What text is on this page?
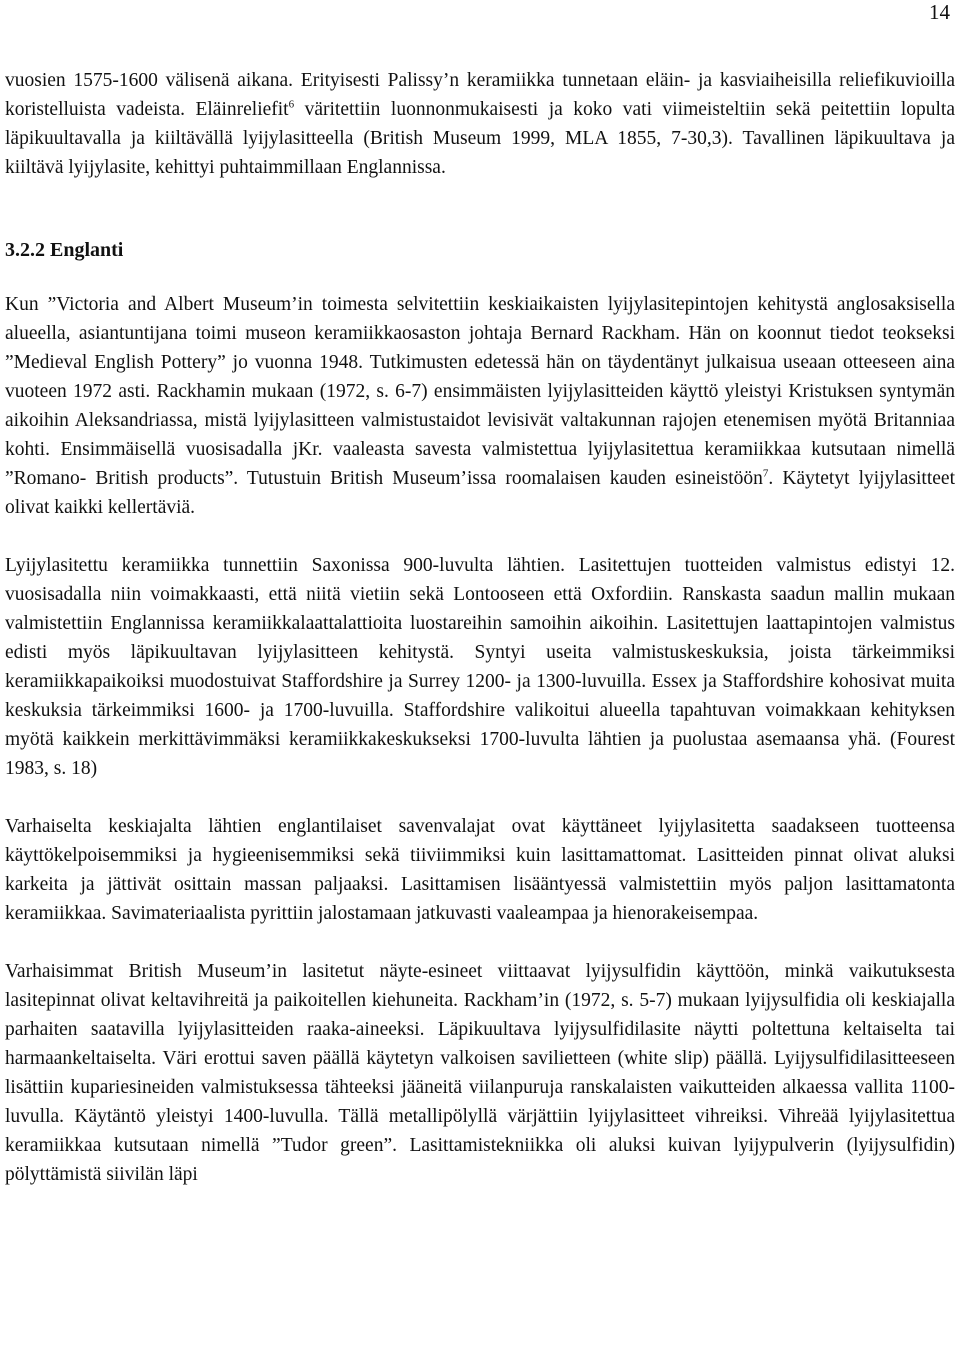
14

vuosien 1575-1600 välisenä aikana. Erityisesti Palissy’n keramiikka tunnetaan eläin- ja kasviaiheisilla reliefikuvioilla koristelluista vadeista. Eläinreliefit$^6$ väritettiin luonnonmukaisesti ja koko vati viimeisteltiin sekä peitettiin lopulta läpikuultavalla ja kiiltävällä lyijylasitteella (British Museum 1999, MLA 1855, 7-30,3). Tavallinen läpikuultava ja kiiltävä lyijylasite, kehittyi puhtaimmillaan Englannissa.

3.2.2 Englanti

Kun ”Victoria and Albert Museum’in toimesta selvitettiin keskiaikaisten lyijylasitepintojen kehitystä anglosaksisella alueella, asiantuntijana toimi museon keramiikkaosaston johtaja Bernard Rackham. Hän on koonnut tiedot teokseksi ”Medieval English Pottery” jo vuonna 1948. Tutkimusten edetessä hän on täydentänyt julkaisua useaan otteeseen aina vuoteen 1972 asti. Rackhamin mukaan (1972, s. 6-7) ensimmäisten lyijylasitteiden käyttö yleistyi Kristuksen syntymän aikoihin Aleksandriassa, mistä lyijylasitteen valmistustaidot levisivät valtakunnan rajojen etenemisen myötä Britanniaa kohti. Ensimmäisellä vuosisadalla jKr. vaaleasta savesta valmistettua lyijylasitettua keramiikkaa kutsutaan nimellä ”Romano- British products”. Tutustuin British Museum’issa roomalaisen kauden esineistöön$^7$. Käytetyt lyijylasitteet olivat kaikki kellertäviä.

Lyijylasitettu keramiikka tunnettiin Saxonissa 900-luvulta lähtien. Lasitettujen tuotteiden valmistus edistyi 12. vuosisadalla niin voimakkaasti, että niitä vietiin sekä Lontooseen että Oxfordiin. Ranskasta saadun mallin mukaan valmistettiin Englannissa keramiikkalaattalattioita luostareihin samoihin aikoihin. Lasitettujen laattapintojen valmistus edisti myös läpikuultavan lyijylasitteen kehitystä. Syntyi useita valmistuskeskuksia, joista tärkeimmiksi keramiikkapaikoiksi muodostuivat Staffordshire ja Surrey 1200- ja 1300-luvuilla. Essex ja Staffordshire kohosivat muita keskuksia tärkeimmiksi 1600- ja 1700-luvuilla. Staffordshire valikoitui alueella tapahtuvan voimakkaan kehityksen myötä kaikkein merkittävimmäksi keramiikkakeskukseksi 1700-luvulta lähtien ja puolustaa asemaansa yhä. (Fourest 1983, s. 18)

Varhaiselta keskiajalta lähtien englantilaiset savenvalajat ovat käyttäneet lyijylasitetta saadakseen tuotteensa käyttökelpoisemmiksi ja hygieenisemmiksi sekä tiiviimmiksi kuin lasittamattomat. Lasitteiden pinnat olivat aluksi karkeita ja jättivät osittain massan paljaaksi. Lasittamisen lisääntyessä valmistettiin myös paljon lasittamatonta keramiikkaa. Savimateriaalista pyrittiin jalostamaan jatkuvasti vaaleampaa ja hienorakeisempaa.

Varhaisimmat British Museum’in lasitetut näyte-esineet viittaavat lyijysulfidin käyttöön, minkä vaikutuksesta lasitepinnat olivat keltavihreitä ja paikoitellen kiehuneita. Rackham’in (1972, s. 5-7) mukaan lyijysulfidia oli keskiajalla parhaiten saatavilla lyijylasitteiden raaka-aineeksi. Läpikuultava lyijysulfidilasite näytti poltettuna keltaiselta tai harmaankeltaiselta. Väri erottui saven päällä käytetyn valkoisen savilietteen (white slip) päällä. Lyijysulfidilasitteeseen lisättiin kupariesineiden valmistuksessa tähteeksi jääneitä viilanpuruja ranskalaisten vaikutteiden alkaessa vallita 1100-luvulla. Käytäntö yleistyi 1400-luvulla. Tällä metallipölyllä värjättiin lyijylasitteet vihreiksi. Vihreää lyijylasitettua keramiikkaa kutsutaan nimellä ”Tudor green”. Lasittamistekniikka oli aluksi kuivan lyijypulverin (lyijysulfidin) pölyttämistä siivilän läpi
